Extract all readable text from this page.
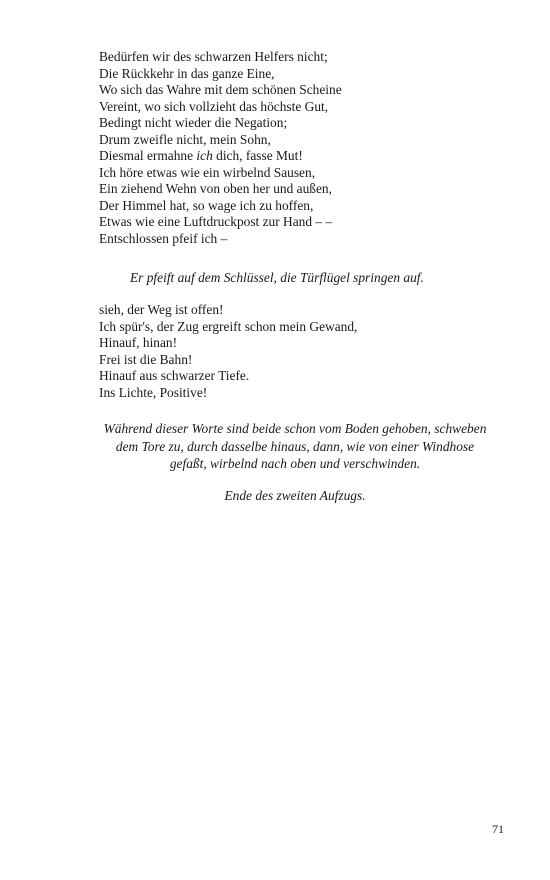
Bedürfen wir des schwarzen Helfers nicht;
Die Rückkehr in das ganze Eine,
Wo sich das Wahre mit dem schönen Scheine
Vereint, wo sich vollzieht das höchste Gut,
Bedingt nicht wieder die Negation;
Drum zweifle nicht, mein Sohn,
Diesmal ermahne ich dich, fasse Mut!
Ich höre etwas wie ein wirbelnd Sausen,
Ein ziehend Wehn von oben her und außen,
Der Himmel hat, so wage ich zu hoffen,
Etwas wie eine Luftdruckpost zur Hand – –
Entschlossen pfeif ich –

Er pfeift auf dem Schlüssel, die Türflügel springen auf.

sieh, der Weg ist offen!
Ich spür's, der Zug ergreift schon mein Gewand,
Hinauf, hinan!
Frei ist die Bahn!
Hinauf aus schwarzer Tiefe.
Ins Lichte, Positive!

Während dieser Worte sind beide schon vom Boden gehoben, schweben
dem Tore zu, durch dasselbe hinaus, dann, wie von einer Windhose
gefaßt, wirbelnd nach oben und verschwinden.

Ende des zweiten Aufzugs.

71
